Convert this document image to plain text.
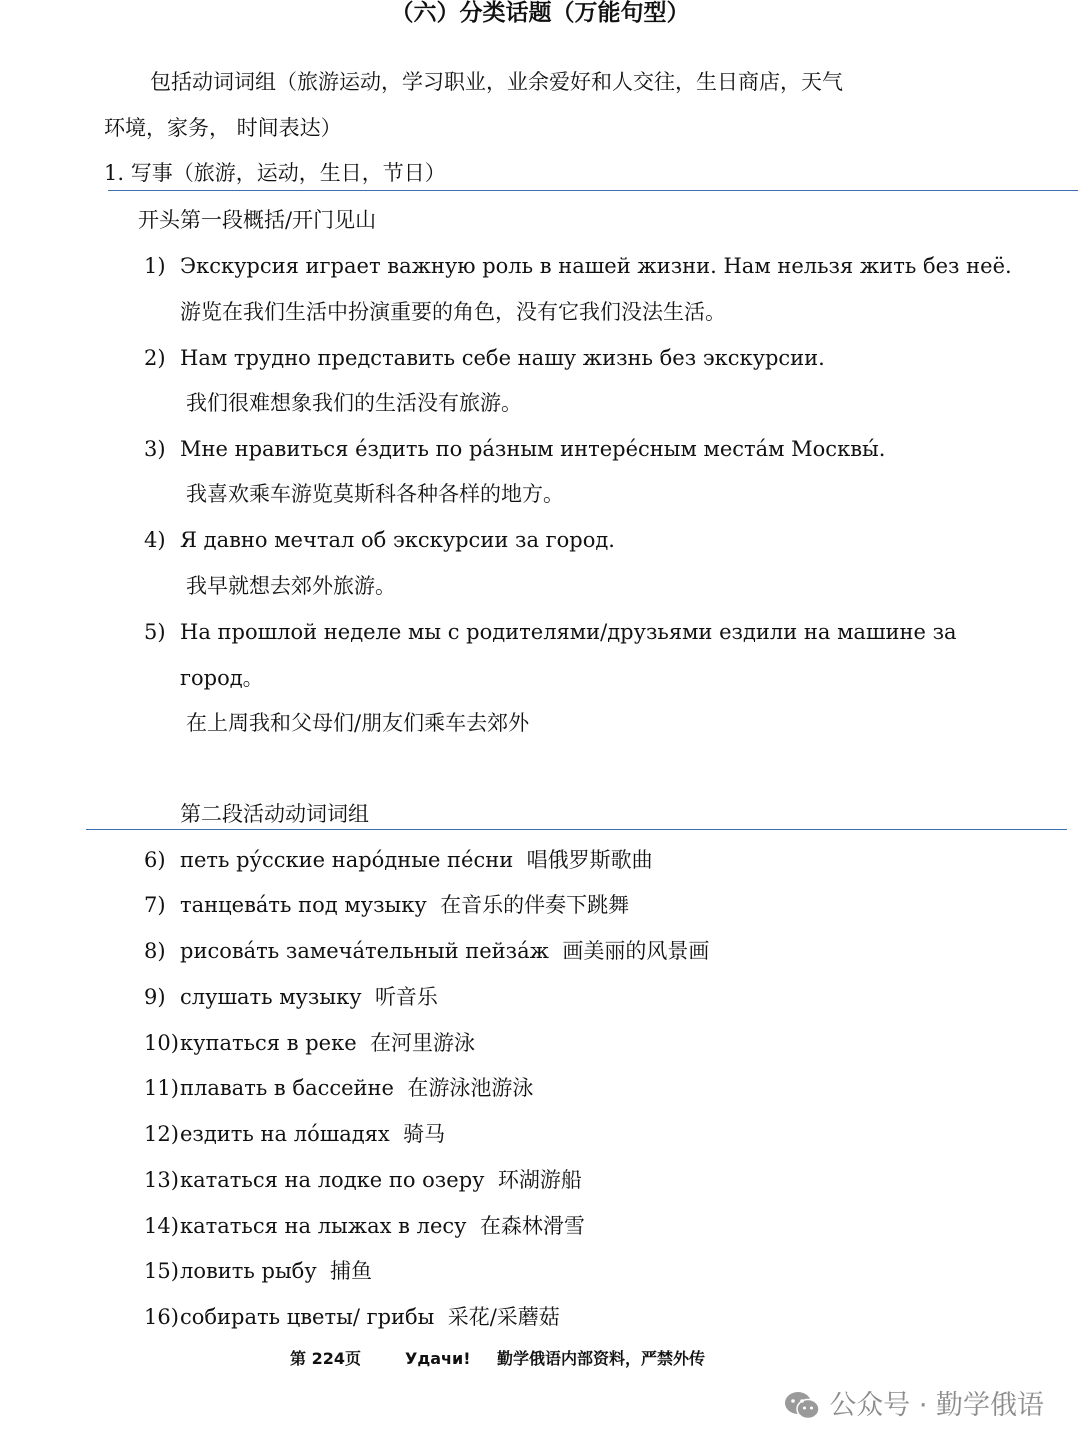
（六）分类话题（万能句型）
包括动词词组（旅游运动，学习职业，业余爱好和人交往，生日商店，天气
环境，家务， 时间表达）
1. 写事（旅游，运动，生日，节日）
开头第一段概括/开门见山
1) Экскурсия играет важную роль в нашей жизни. Нам нельзя жить без неё.
游览在我们生活中扮演重要的角色，没有它我们没法生活。
2) Нам трудно представить себе нашу жизнь без экскурсии.
我们很难想象我们的生活没有旅游。
3) Мне нравиться е́здить по ра́зным интере́сным места́м Москвы́.
我喜欢乘车游览莫斯科各种各样的地方。
4) Я давно мечтал об экскурсии за город.
我早就想去郊外旅游。
5) На прошлой неделе мы с родителями/друзьями ездили на машине за
город。
在上周我和父母们/朋友们乘车去郊外
第二段活动动词词组
6) петь ру́сские наро́дные пе́сни 唱俄罗斯歌曲
7) танцева́ть под музыку 在音乐的伴奏下跳舞
8) рисова́ть замеча́тельный пейза́ж 画美丽的风景画
9) слушать музыку 听音乐
10) купаться в реке 在河里游泳
11) плавать в бассейне 在游泳池游泳
12) ездить на ло́шадях 骑马
13) кататься на лодке по озеру 环湖游船
14) кататься на лыжах в лесу 在森林滑雪
15) ловить рыбу 捕鱼
16) собирать цветы/ грибы 采花/采蘑菇
第 224页	Удачи! 勤学俄语内部资料，严禁外传
公众号 · 勤学俄语
